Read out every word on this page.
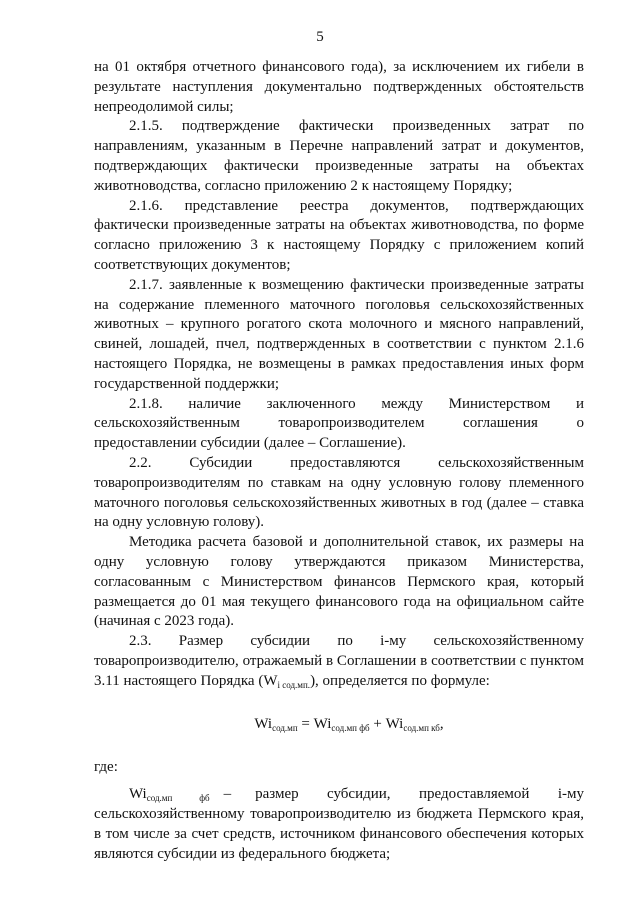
5

на 01 октября отчетного финансового года), за исключением их гибели в результате наступления документально подтвержденных обстоятельств непреодолимой силы;

2.1.5. подтверждение фактически произведенных затрат по направлениям, указанным в Перечне направлений затрат и документов, подтверждающих фактически произведенные затраты на объектах животноводства, согласно приложению 2 к настоящему Порядку;

2.1.6. представление реестра документов, подтверждающих фактически произведенные затраты на объектах животноводства, по форме согласно приложению 3 к настоящему Порядку с приложением копий соответствующих документов;

2.1.7. заявленные к возмещению фактически произведенные затраты на содержание племенного маточного поголовья сельскохозяйственных животных – крупного рогатого скота молочного и мясного направлений, свиней, лошадей, пчел, подтвержденных в соответствии с пунктом 2.1.6 настоящего Порядка, не возмещены в рамках предоставления иных форм государственной поддержки;

2.1.8. наличие заключенного между Министерством и сельскохозяйственным товаропроизводителем соглашения о предоставлении субсидии (далее – Соглашение).

2.2. Субсидии предоставляются сельскохозяйственным товаропроизводителям по ставкам на одну условную голову племенного маточного поголовья сельскохозяйственных животных в год (далее – ставка на одну условную голову).

Методика расчета базовой и дополнительной ставок, их размеры на одну условную голову утверждаются приказом Министерства, согласованным с Министерством финансов Пермского края, который размещается до 01 мая текущего финансового года на официальном сайте (начиная с 2023 года).

2.3. Размер субсидии по i-му сельскохозяйственному товаропроизводителю, отражаемый в Соглашении в соответствии с пунктом 3.11 настоящего Порядка $(W_{i сод.мп.})$, определяется по формуле:

$Wi_{сод.мп} = Wi_{сод.мп фб} + Wi_{сод.мп кб}$,

где:

$Wi_{сод.мп фб}$ – размер субсидии, предоставляемой i-му сельскохозяйственному товаропроизводителю из бюджета Пермского края, в том числе за счет средств, источником финансового обеспечения которых являются субсидии из федерального бюджета;
